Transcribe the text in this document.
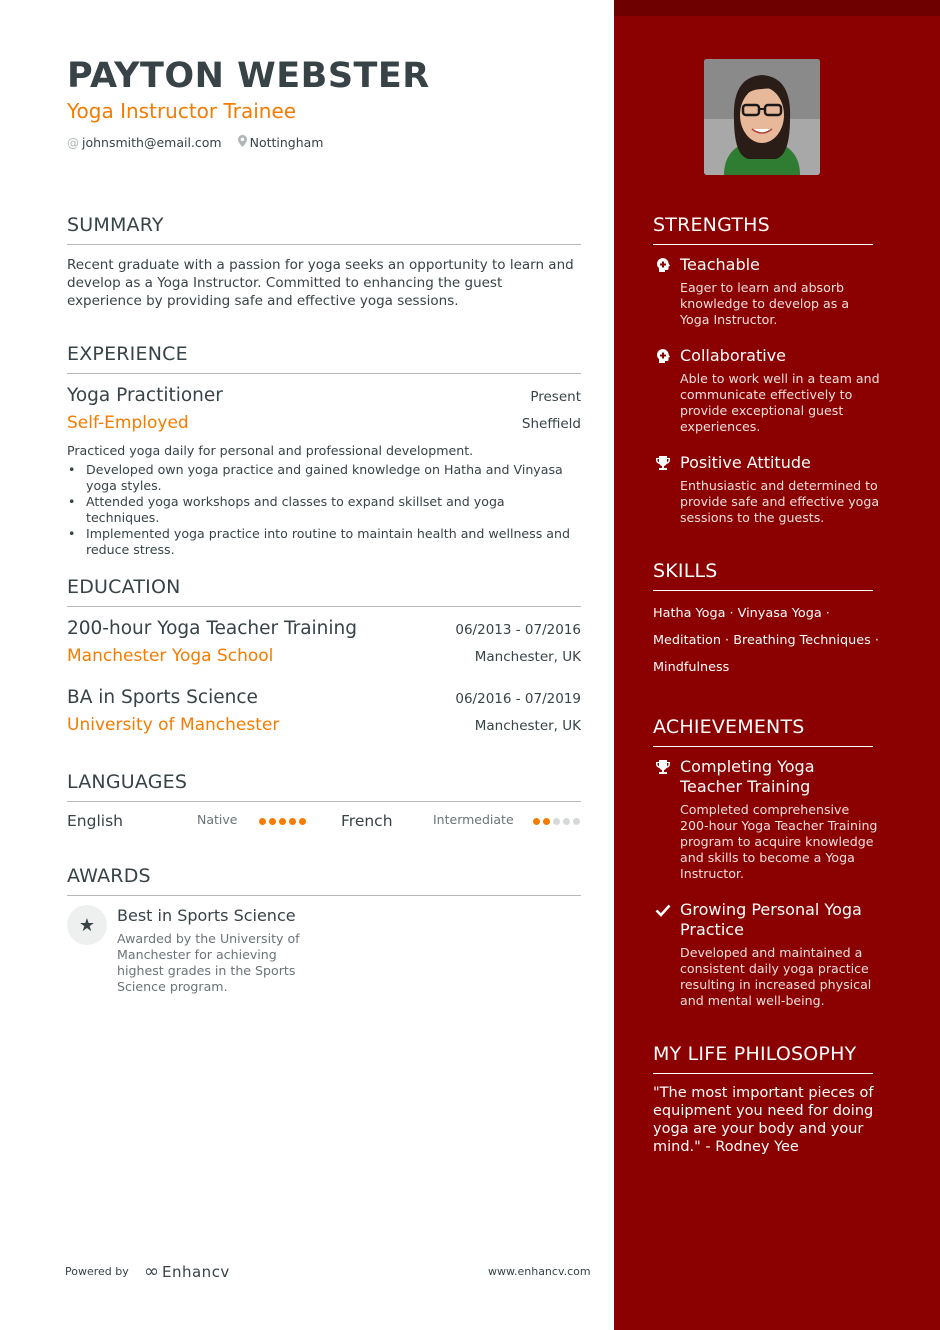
PAYTON WEBSTER
Yoga Instructor Trainee
@ johnsmith@email.com Nottingham
SUMMARY
Recent graduate with a passion for yoga seeks an opportunity to learn and develop as a Yoga Instructor. Committed to enhancing the guest experience by providing safe and effective yoga sessions.
EXPERIENCE
Yoga Practitioner	Present
Self-Employed	Sheffield
Practiced yoga daily for personal and professional development.
• Developed own yoga practice and gained knowledge on Hatha and Vinyasa yoga styles.
• Attended yoga workshops and classes to expand skillset and yoga techniques.
• Implemented yoga practice into routine to maintain health and wellness and reduce stress.
EDUCATION
200-hour Yoga Teacher Training	06/2013 - 07/2016
Manchester Yoga School	Manchester, UK
BA in Sports Science	06/2016 - 07/2019
University of Manchester	Manchester, UK
LANGUAGES
English	Native	French	Intermediate
AWARDS
★	Best in Sports Science
Awarded by the University of Manchester for achieving highest grades in the Sports Science program.
Powered by ∞ Enhancv	www.enhancv.com
STRENGTHS
Teachable
Eager to learn and absorb knowledge to develop as a Yoga Instructor.
Collaborative
Able to work well in a team and communicate effectively to provide exceptional guest experiences.
Positive Attitude
Enthusiastic and determined to provide safe and effective yoga sessions to the guests.
SKILLS
Hatha Yoga · Vinyasa Yoga ·
Meditation · Breathing Techniques ·
Mindfulness
ACHIEVEMENTS
Completing Yoga Teacher Training
Completed comprehensive 200-hour Yoga Teacher Training program to acquire knowledge and skills to become a Yoga Instructor.
Growing Personal Yoga Practice
Developed and maintained a consistent daily yoga practice resulting in increased physical and mental well-being.
MY LIFE PHILOSOPHY
"The most important pieces of equipment you need for doing yoga are your body and your mind." - Rodney Yee
